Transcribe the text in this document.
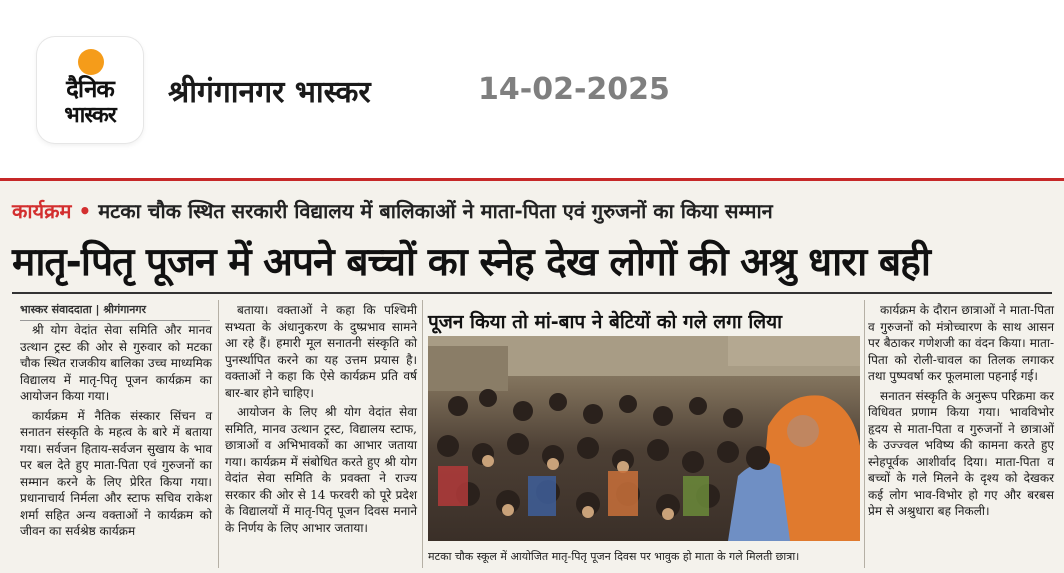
दैनिक
भास्कर
श्रीगंगानगर भास्कर	14-02-2025
कार्यक्रम • मटका चौक स्थित सरकारी विद्यालय में बालिकाओं ने माता-पिता एवं गुरुजनों का किया सम्मान
मातृ-पितृ पूजन में अपने बच्चों का स्नेह देख लोगों की अश्रु धारा बही
भास्कर संवाददाता | श्रीगंगानगर

श्री योग वेदांत सेवा समिति और मानव उत्थान ट्रस्ट की ओर से गुरुवार को मटका चौक स्थित राजकीय बालिका उच्च माध्यमिक विद्यालय में मातृ-पितृ पूजन कार्यक्रम का आयोजन किया गया।

कार्यक्रम में नैतिक संस्कार सिंचन व सनातन संस्कृति के महत्व के बारे में बताया गया। सर्वजन हिताय-सर्वजन सुखाय के भाव पर बल देते हुए माता-पिता एवं गुरुजनों का सम्मान करने के लिए प्रेरित किया गया। प्रधानाचार्य निर्मला और स्टाफ सचिव राकेश शर्मा सहित अन्य वक्ताओं ने कार्यक्रम को जीवन का सर्वश्रेष्ठ कार्यक्रम

बताया। वक्ताओं ने कहा कि पश्चिमी सभ्यता के अंधानुकरण के दुष्प्रभाव सामने आ रहे हैं। हमारी मूल सनातनी संस्कृति को पुनर्स्थापित करने का यह उत्तम प्रयास है। वक्ताओं ने कहा कि ऐसे कार्यक्रम प्रति वर्ष बार-बार होने चाहिए।

आयोजन के लिए श्री योग वेदांत सेवा समिति, मानव उत्थान ट्रस्ट, विद्यालय स्टाफ, छात्राओं व अभिभावकों का आभार जताया गया। कार्यक्रम में संबोधित करते हुए श्री योग वेदांत सेवा समिति के प्रवक्ता ने राज्य सरकार की ओर से 14 फरवरी को पूरे प्रदेश के विद्यालयों में मातृ-पितृ पूजन दिवस मनाने के निर्णय के लिए आभार जताया।

पूजन किया तो मां-बाप ने बेटियों को गले लगा लिया
मटका चौक स्कूल में आयोजित मातृ-पितृ पूजन दिवस पर भावुक हो माता के गले मिलती छात्रा।

कार्यक्रम के दौरान छात्राओं ने माता-पिता व गुरुजनों को मंत्रोच्चारण के साथ आसन पर बैठाकर गणेशजी का वंदन किया। माता-पिता को रोली-चावल का तिलक लगाकर तथा पुष्पवर्षा कर फूलमाला पहनाई गई।

सनातन संस्कृति के अनुरूप परिक्रमा कर विधिवत प्रणाम किया गया। भावविभोर हृदय से माता-पिता व गुरुजनों ने छात्राओं के उज्ज्वल भविष्य की कामना करते हुए स्नेहपूर्वक आशीर्वाद दिया। माता-पिता व बच्चों के गले मिलने के दृश्य को देखकर कई लोग भाव-विभोर हो गए और बरबस प्रेम से अश्रुधारा बह निकली।
